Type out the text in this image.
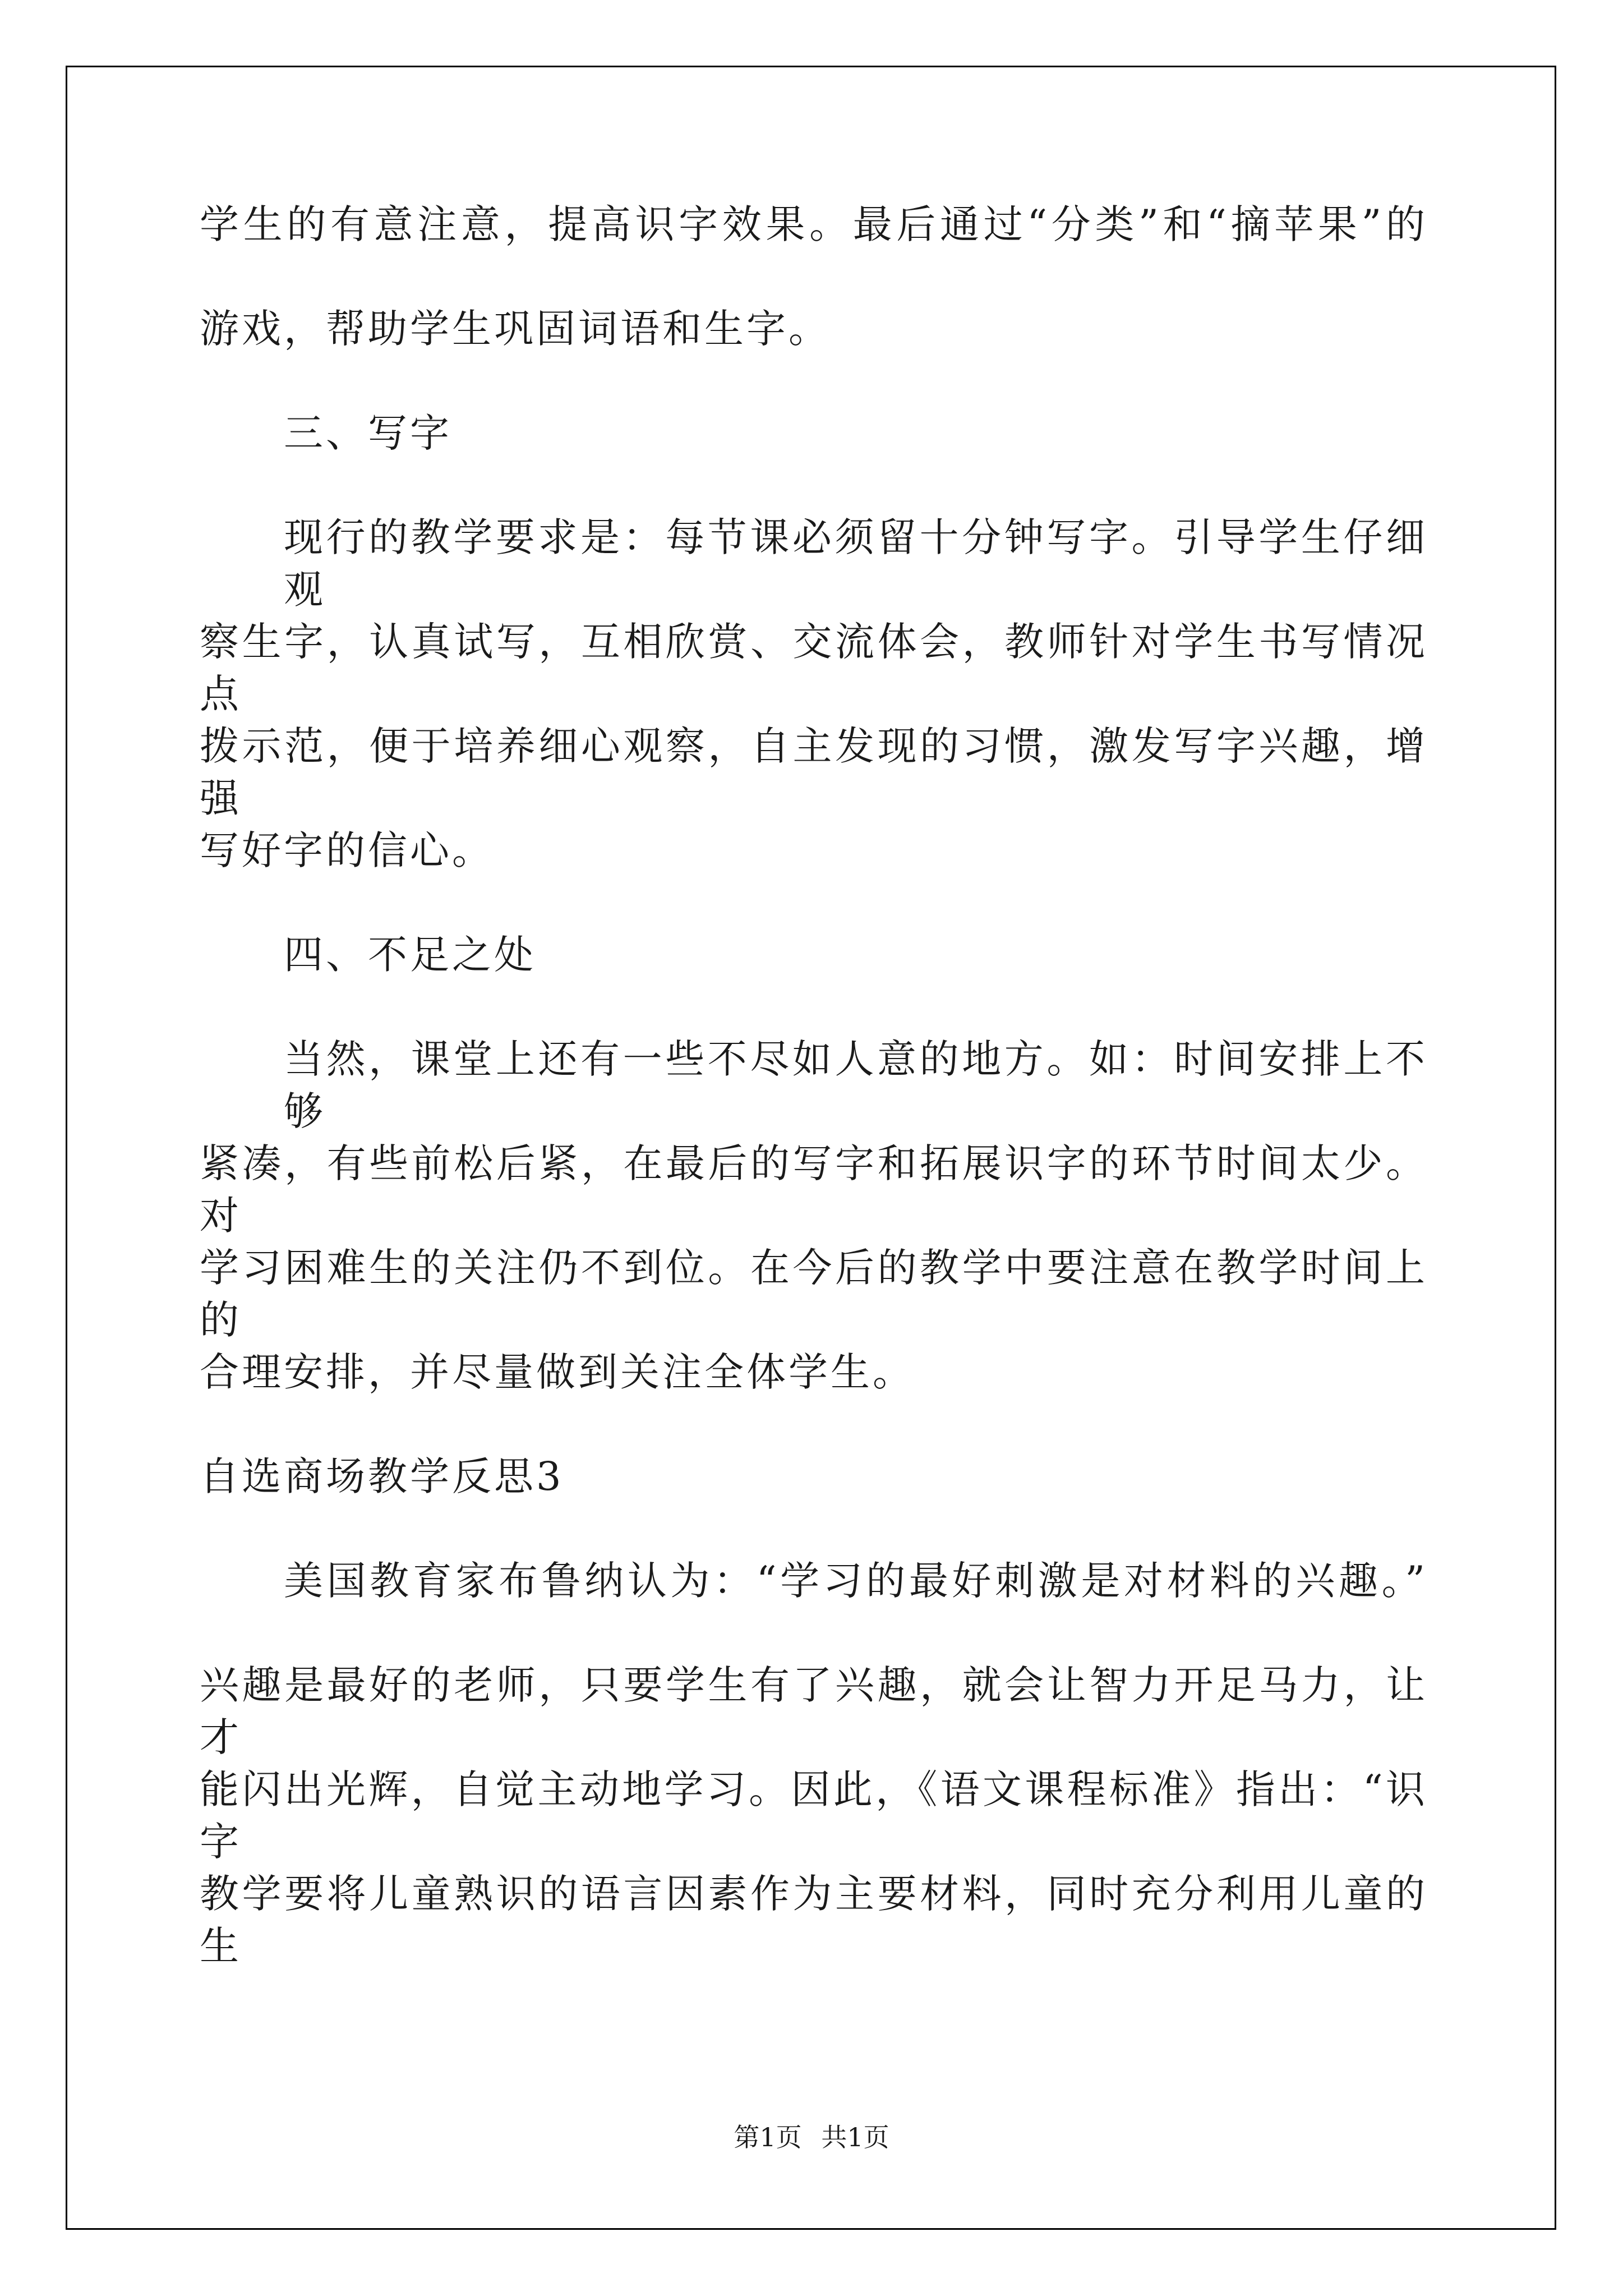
学生的有意注意，提高识字效果。最后通过“分类”和“摘苹果”的
游戏，帮助学生巩固词语和生字。
三、写字
现行的教学要求是：每节课必须留十分钟写字。引导学生仔细观
察生字，认真试写，互相欣赏、交流体会，教师针对学生书写情况点
拨示范，便于培养细心观察，自主发现的习惯，激发写字兴趣，增强
写好字的信心。
四、不足之处
当然，课堂上还有一些不尽如人意的地方。如：时间安排上不够
紧凑，有些前松后紧，在最后的写字和拓展识字的环节时间太少。对
学习困难生的关注仍不到位。在今后的教学中要注意在教学时间上的
合理安排，并尽量做到关注全体学生。
自选商场教学反思3
美国教育家布鲁纳认为：“学习的最好刺激是对材料的兴趣。”
兴趣是最好的老师，只要学生有了兴趣，就会让智力开足马力，让才
能闪出光辉，自觉主动地学习。因此，《语文课程标准》指出：“识字
教学要将儿童熟识的语言因素作为主要材料，同时充分利用儿童的生
第1页 共1页
